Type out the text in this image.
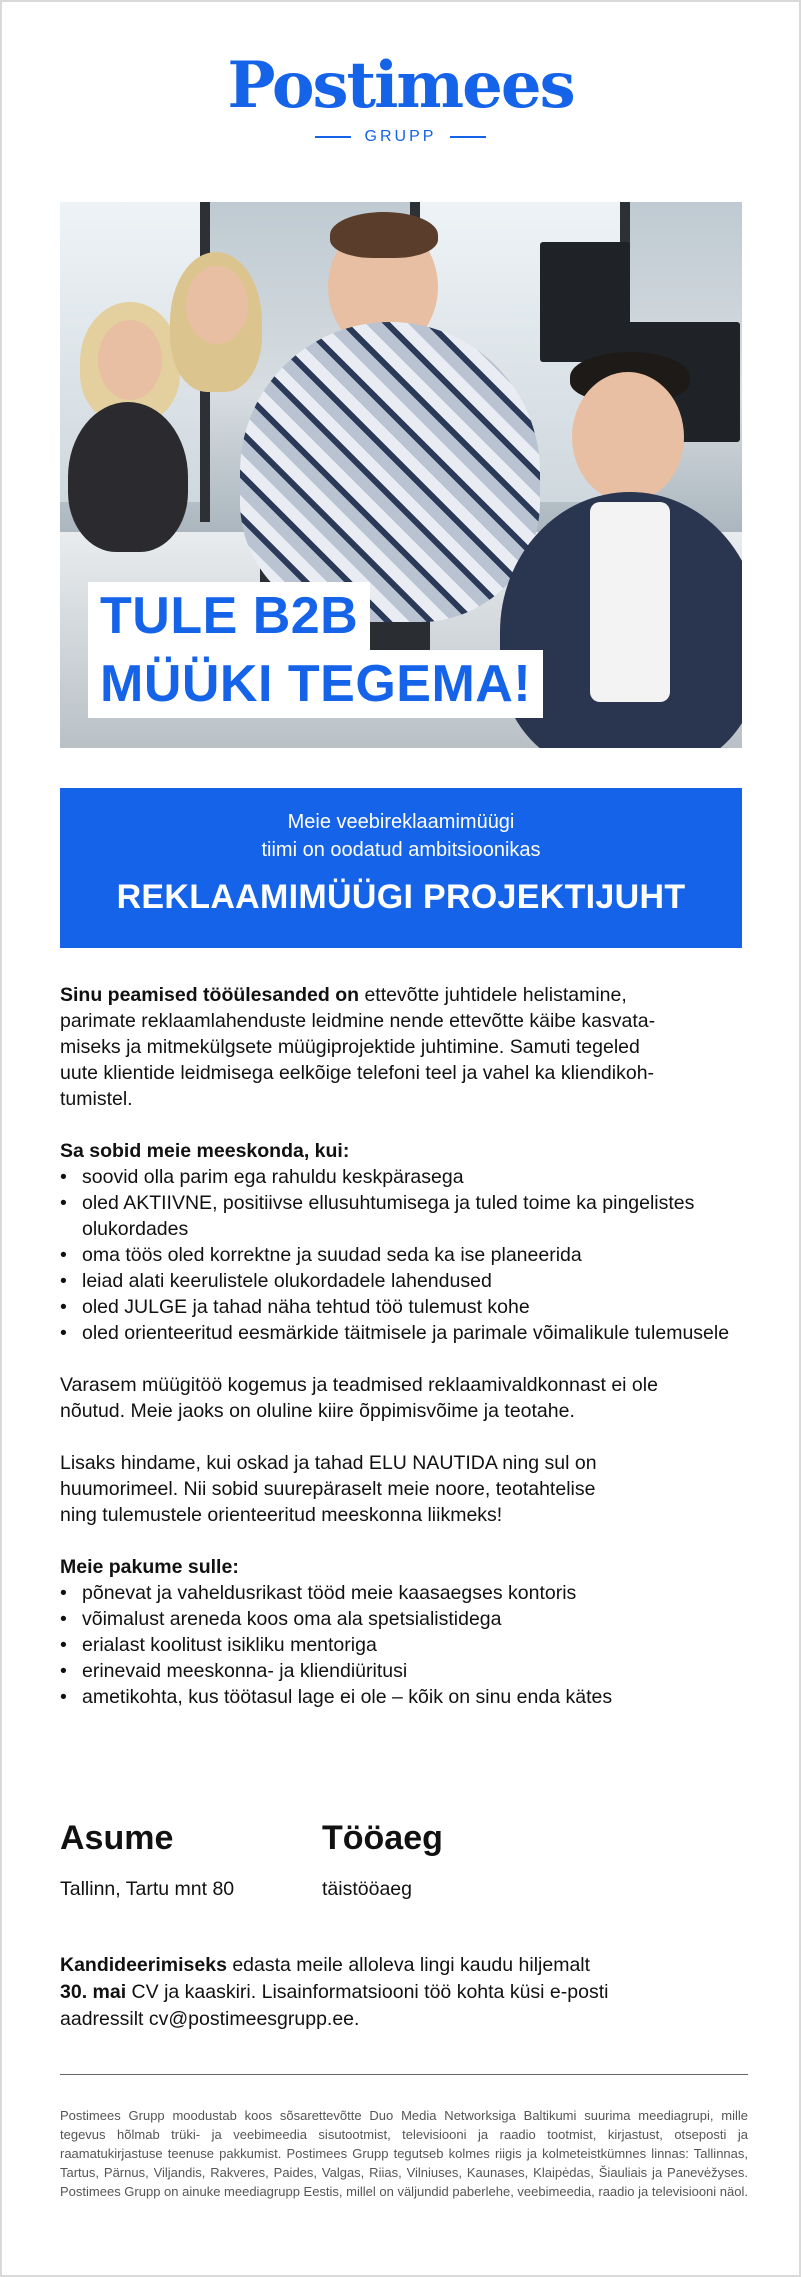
Postimees
GRUPP
TULE B2B
MÜÜKI TEGEMA!
Meie veebireklaamimüügi
tiimi on oodatud ambitsioonikas
REKLAAMIMÜÜGI PROJEKTIJUHT

Sinu peamised tööülesanded on ettevõtte juhtidele helistamine,
parimate reklaamlahenduste leidmine nende ettevõtte käibe kasvata-
miseks ja mitmekülgsete müügiprojektide juhtimine. Samuti tegeled
uute klientide leidmisega eelkõige telefoni teel ja vahel ka kliendikoh-
tumistel.

Sa sobid meie meeskonda, kui:
• soovid olla parim ega rahuldu keskpärasega
• oled AKTIIVNE, positiivse ellusuhtumisega ja tuled toime ka pingelistes olukordades
• oma töös oled korrektne ja suudad seda ka ise planeerida
• leiad alati keerulistele olukordadele lahendused
• oled JULGE ja tahad näha tehtud töö tulemust kohe
• oled orienteeritud eesmärkide täitmisele ja parimale võimalikule tulemusele

Varasem müügitöö kogemus ja teadmised reklaamivaldkonnast ei ole
nõutud. Meie jaoks on oluline kiire õppimisvõime ja teotahe.

Lisaks hindame, kui oskad ja tahad ELU NAUTIDA ning sul on
huumorimeel. Nii sobid suurepäraselt meie noore, teotahtelise
ning tulemustele orienteeritud meeskonna liikmeks!

Meie pakume sulle:
• põnevat ja vaheldusrikast tööd meie kaasaegses kontoris
• võimalust areneda koos oma ala spetsialistidega
• erialast koolitust isikliku mentoriga
• erinevaid meeskonna- ja kliendiüritusi
• ametikohta, kus töötasul lage ei ole – kõik on sinu enda kätes
Asume
Tallinn, Tartu mnt 80
Tööaeg
täistööaeg
Kandideerimiseks edasta meile alloleva lingi kaudu hiljemalt
30. mai CV ja kaaskiri. Lisainformatsiooni töö kohta küsi e-posti
aadressilt cv@postimeesgrupp.ee.
Postimees Grupp moodustab koos sõsarettevõtte Duo Media Networksiga Baltikumi suurima meediagrupi, mille tegevus hõlmab trüki- ja veebimeedia sisutootmist, televisiooni ja raadio tootmist, kirjastust, otseposti ja raamatukirjastuse teenuse pakkumist. Postimees Grupp tegutseb kolmes riigis ja kolmeteistkümnes linnas: Tallinnas, Tartus, Pärnus, Viljandis, Rakveres, Paides, Valgas, Riias, Vilniuses, Kaunases, Klaipėdas, Šiauliais ja Panevėžyses. Postimees Grupp on ainuke meediagrupp Eestis, millel on väljundid paberlehe, veebimeedia, raadio ja televisiooni näol.
